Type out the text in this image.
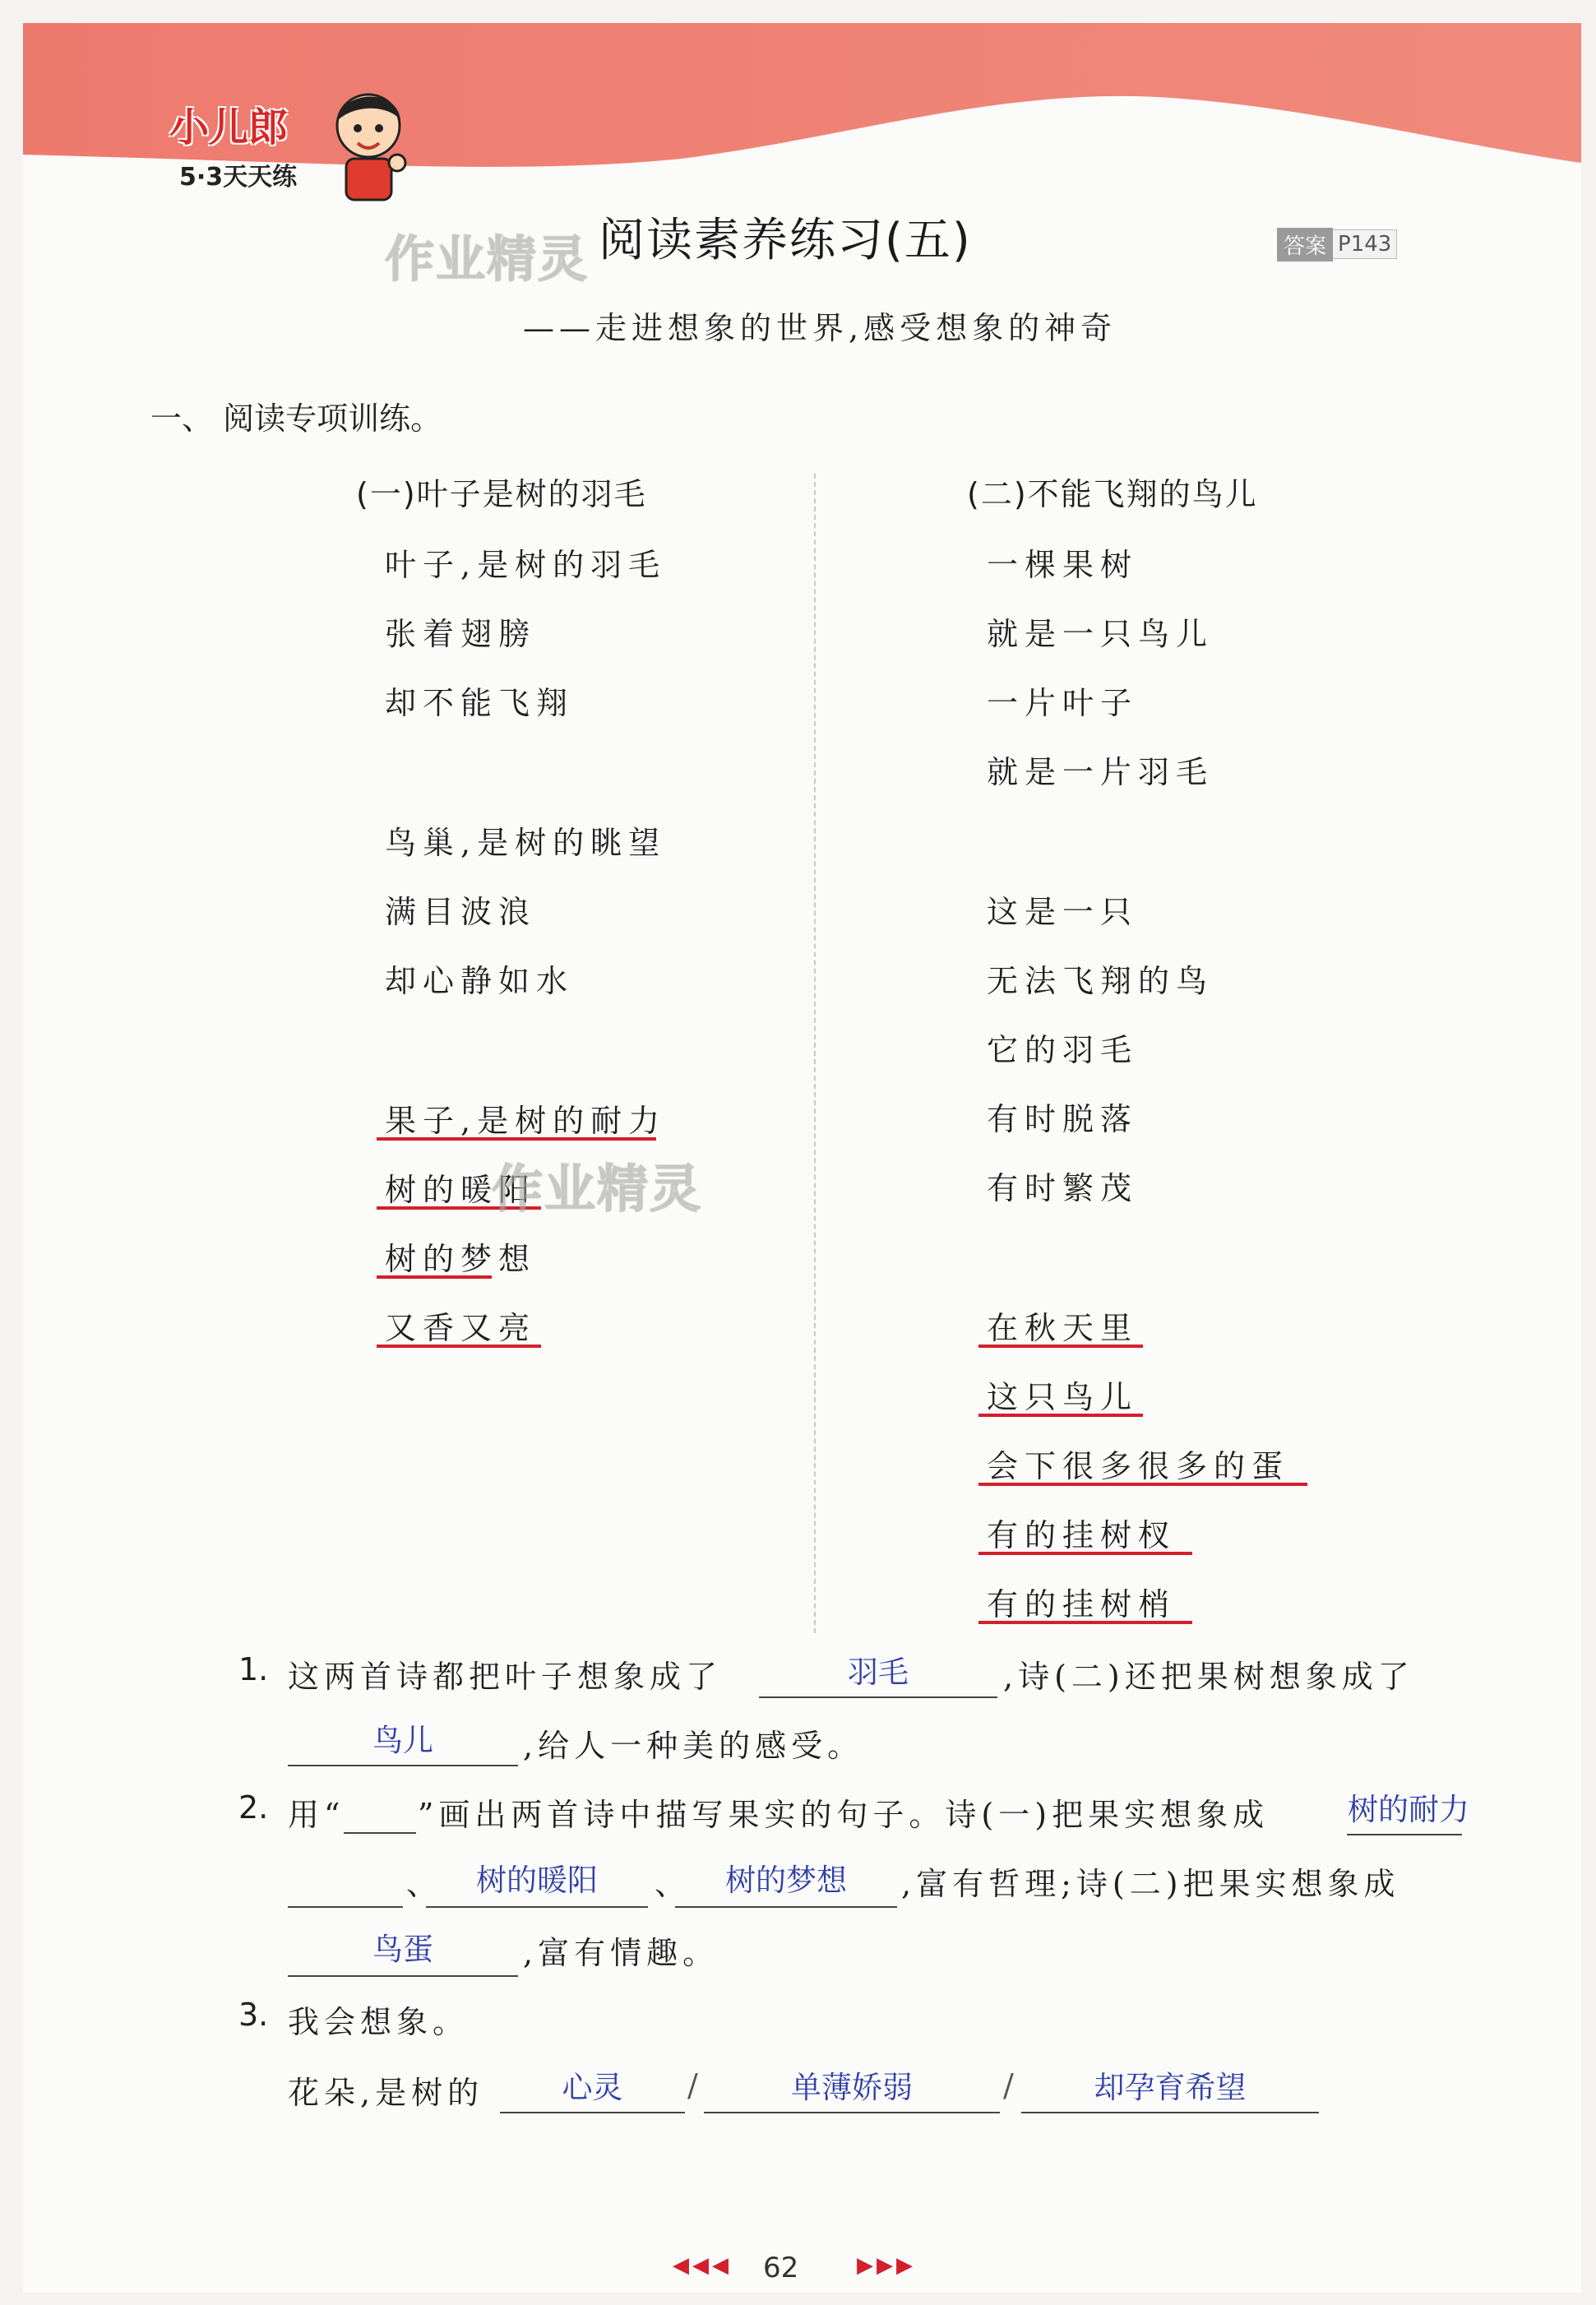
小儿郎
5·3天天练
作业精灵 阅读素养练习(五)	答案 P143
——走进想象的世界,感受想象的神奇
一、 阅读专项训练。
(一)叶子是树的羽毛
叶子,是树的羽毛
张着翅膀
却不能飞翔
鸟巢,是树的眺望
满目波浪
却心静如水
果子,是树的耐力
树的暖阳
树的梦想
又香又亮
作业精灵
(二)不能飞翔的鸟儿
一棵果树
就是一只鸟儿
一片叶子
就是一片羽毛
这是一只
无法飞翔的鸟
它的羽毛
有时脱落
有时繁茂
在秋天里
这只鸟儿
会下很多很多的蛋
有的挂树杈
有的挂树梢
1. 这两首诗都把叶子想象成了	羽毛	,诗(二)还把果树想象成了
鸟儿	,给人一种美的感受。
2. 用“ ”画出两首诗中描写果实的句子。诗(一)把果实想象成	树的耐力
、	树的暖阳	、	树的梦想	,富有哲理;诗(二)把果实想象成
鸟蛋	,富有情趣。
3. 我会想象。
花朵,是树的	心灵	/	单薄娇弱	/	却孕育希望
◀◀◀ 62	▶▶▶
